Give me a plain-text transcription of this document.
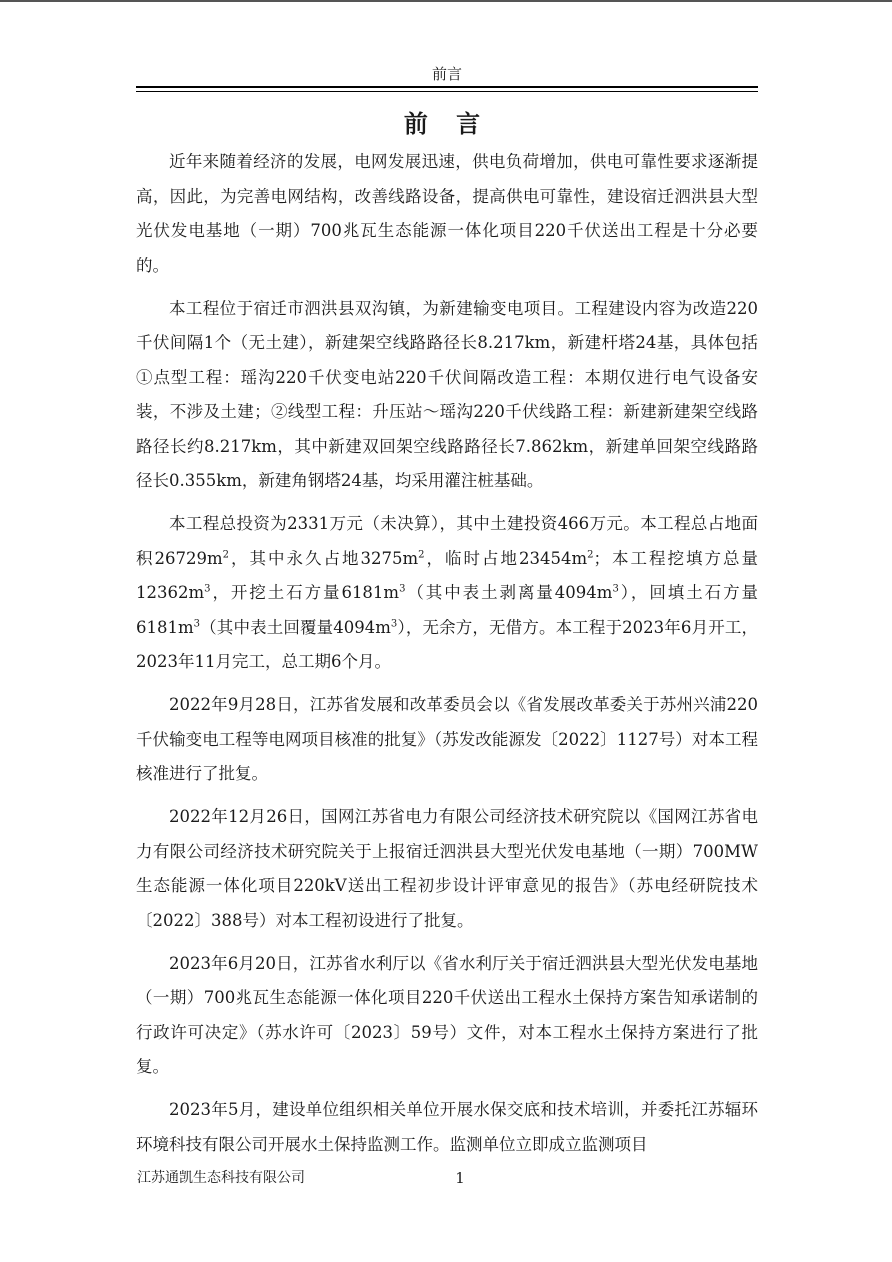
前言
前 言

近年来随着经济的发展，电网发展迅速，供电负荷增加，供电可靠性要求逐渐提高，因此，为完善电网结构，改善线路设备，提高供电可靠性，建设宿迁泗洪县大型光伏发电基地（一期）700兆瓦生态能源一体化项目220千伏送出工程是十分必要的。

本工程位于宿迁市泗洪县双沟镇，为新建输变电项目。工程建设内容为改造220千伏间隔1个（无土建），新建架空线路路径长8.217km，新建杆塔24基，具体包括①点型工程：瑶沟220千伏变电站220千伏间隔改造工程：本期仅进行电气设备安装，不涉及土建；②线型工程：升压站～瑶沟220千伏线路工程：新建新建架空线路路径长约8.217km，其中新建双回架空线路路径长7.862km，新建单回架空线路路径长0.355km，新建角钢塔24基，均采用灌注桩基础。

本工程总投资为2331万元（未决算），其中土建投资466万元。本工程总占地面积$26729m^2$，其中永久占地$3275m^2$，临时占地$23454m^2$；本工程挖填方总量$12362m^3$，开挖土石方量$6181m^3$（其中表土剥离量$4094m^3$），回填土石方量$6181m^3$（其中表土回覆量$4094m^3$），无余方，无借方。本工程于2023年6月开工，2023年11月完工，总工期6个月。

2022年9月28日，江苏省发展和改革委员会以《省发展改革委关于苏州兴浦220千伏输变电工程等电网项目核准的批复》（苏发改能源发〔2022〕1127号）对本工程核准进行了批复。

2022年12月26日，国网江苏省电力有限公司经济技术研究院以《国网江苏省电力有限公司经济技术研究院关于上报宿迁泗洪县大型光伏发电基地（一期）700MW生态能源一体化项目220kV送出工程初步设计评审意见的报告》（苏电经研院技术〔2022〕388号）对本工程初设进行了批复。

2023年6月20日，江苏省水利厅以《省水利厅关于宿迁泗洪县大型光伏发电基地（一期）700兆瓦生态能源一体化项目220千伏送出工程水土保持方案告知承诺制的行政许可决定》（苏水许可〔2023〕59号）文件，对本工程水土保持方案进行了批复。

2023年5月，建设单位组织相关单位开展水保交底和技术培训，并委托江苏辐环环境科技有限公司开展水土保持监测工作。监测单位立即成立监测项目

江苏通凯生态科技有限公司	1
